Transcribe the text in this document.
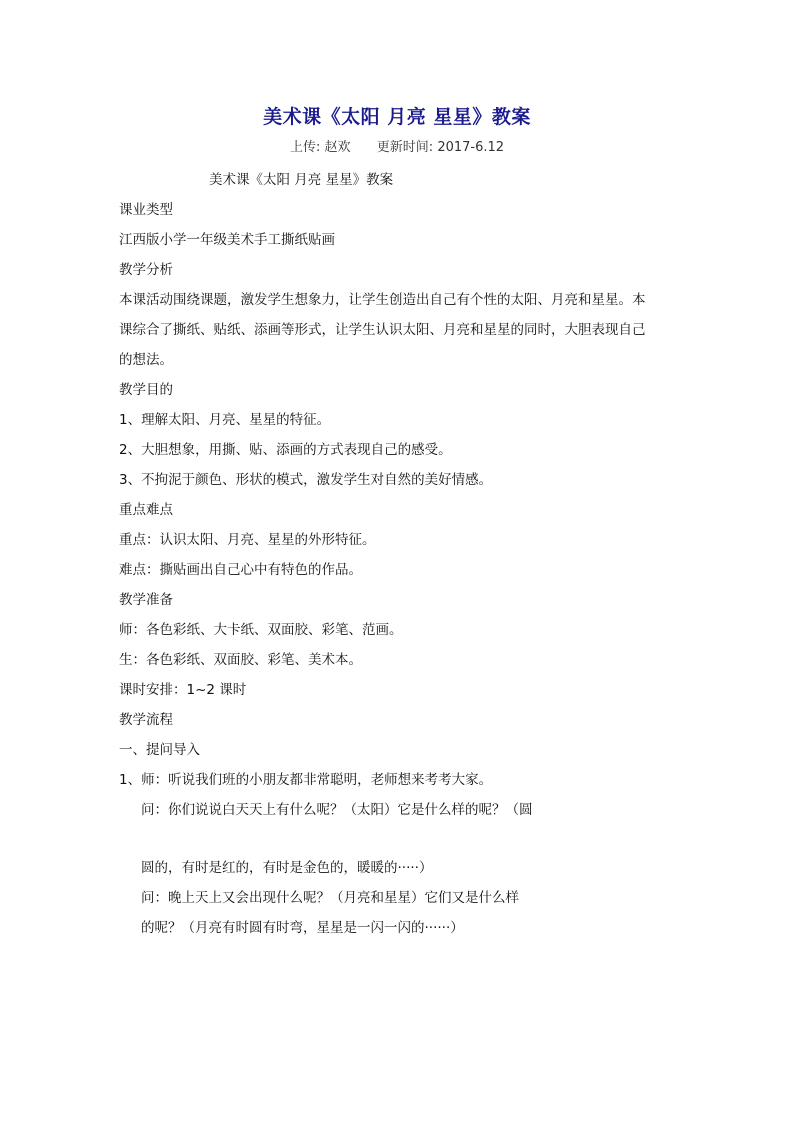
美术课《太阳 月亮 星星》教案
上传: 赵欢 更新时间: 2017-6.12
美术课《太阳 月亮 星星》教案
课业类型
江西版小学一年级美术手工撕纸贴画
教学分析
本课活动围绕课题，激发学生想象力，让学生创造出自己有个性的太阳、月亮和星星。本
课综合了撕纸、贴纸、添画等形式，让学生认识太阳、月亮和星星的同时，大胆表现自己
的想法。
教学目的
1、理解太阳、月亮、星星的特征。
2、大胆想象，用撕、贴、添画的方式表现自己的感受。
3、不拘泥于颜色、形状的模式，激发学生对自然的美好情感。
重点难点
重点：认识太阳、月亮、星星的外形特征。
难点：撕贴画出自己心中有特色的作品。
教学准备
师：各色彩纸、大卡纸、双面胶、彩笔、范画。
生：各色彩纸、双面胶、彩笔、美术本。
课时安排：1~2 课时
教学流程
一、提问导入
1、师：听说我们班的小朋友都非常聪明，老师想来考考大家。
问：你们说说白天天上有什么呢？（太阳）它是什么样的呢？（圆
圆的，有时是红的，有时是金色的，暖暖的·····）
问：晚上天上又会出现什么呢？（月亮和星星）它们又是什么样
的呢？（月亮有时圆有时弯，星星是一闪一闪的······）
